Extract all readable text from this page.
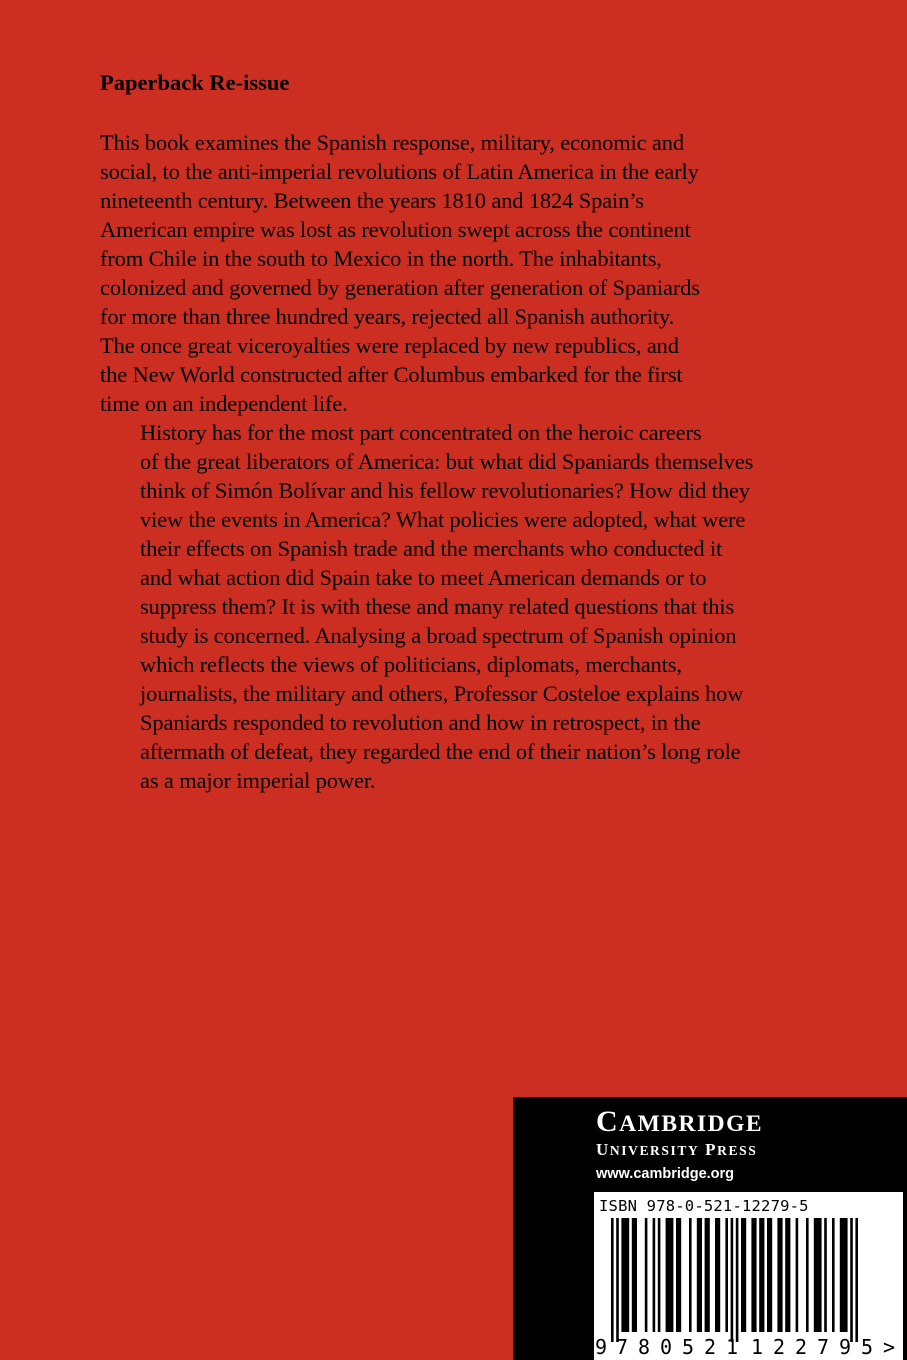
Paperback Re-issue

This book examines the Spanish response, military, economic and
social, to the anti-imperial revolutions of Latin America in the early
nineteenth century. Between the years 1810 and 1824 Spain’s
American empire was lost as revolution swept across the continent
from Chile in the south to Mexico in the north. The inhabitants,
colonized and governed by generation after generation of Spaniards
for more than three hundred years, rejected all Spanish authority.
The once great viceroyalties were replaced by new republics, and
the New World constructed after Columbus embarked for the first
time on an independent life.

History has for the most part concentrated on the heroic careers
of the great liberators of America: but what did Spaniards themselves
think of Simón Bolívar and his fellow revolutionaries? How did they
view the events in America? What policies were adopted, what were
their effects on Spanish trade and the merchants who conducted it
and what action did Spain take to meet American demands or to
suppress them? It is with these and many related questions that this
study is concerned. Analysing a broad spectrum of Spanish opinion
which reflects the views of politicians, diplomats, merchants,
journalists, the military and others, Professor Costeloe explains how
Spaniards responded to revolution and how in retrospect, in the
aftermath of defeat, they regarded the end of their nation’s long role
as a major imperial power.

CAMBRIDGE
UNIVERSITY PRESS
www.cambridge.org
ISBN 978-0-521-12279-5
9 780521 122795 >
